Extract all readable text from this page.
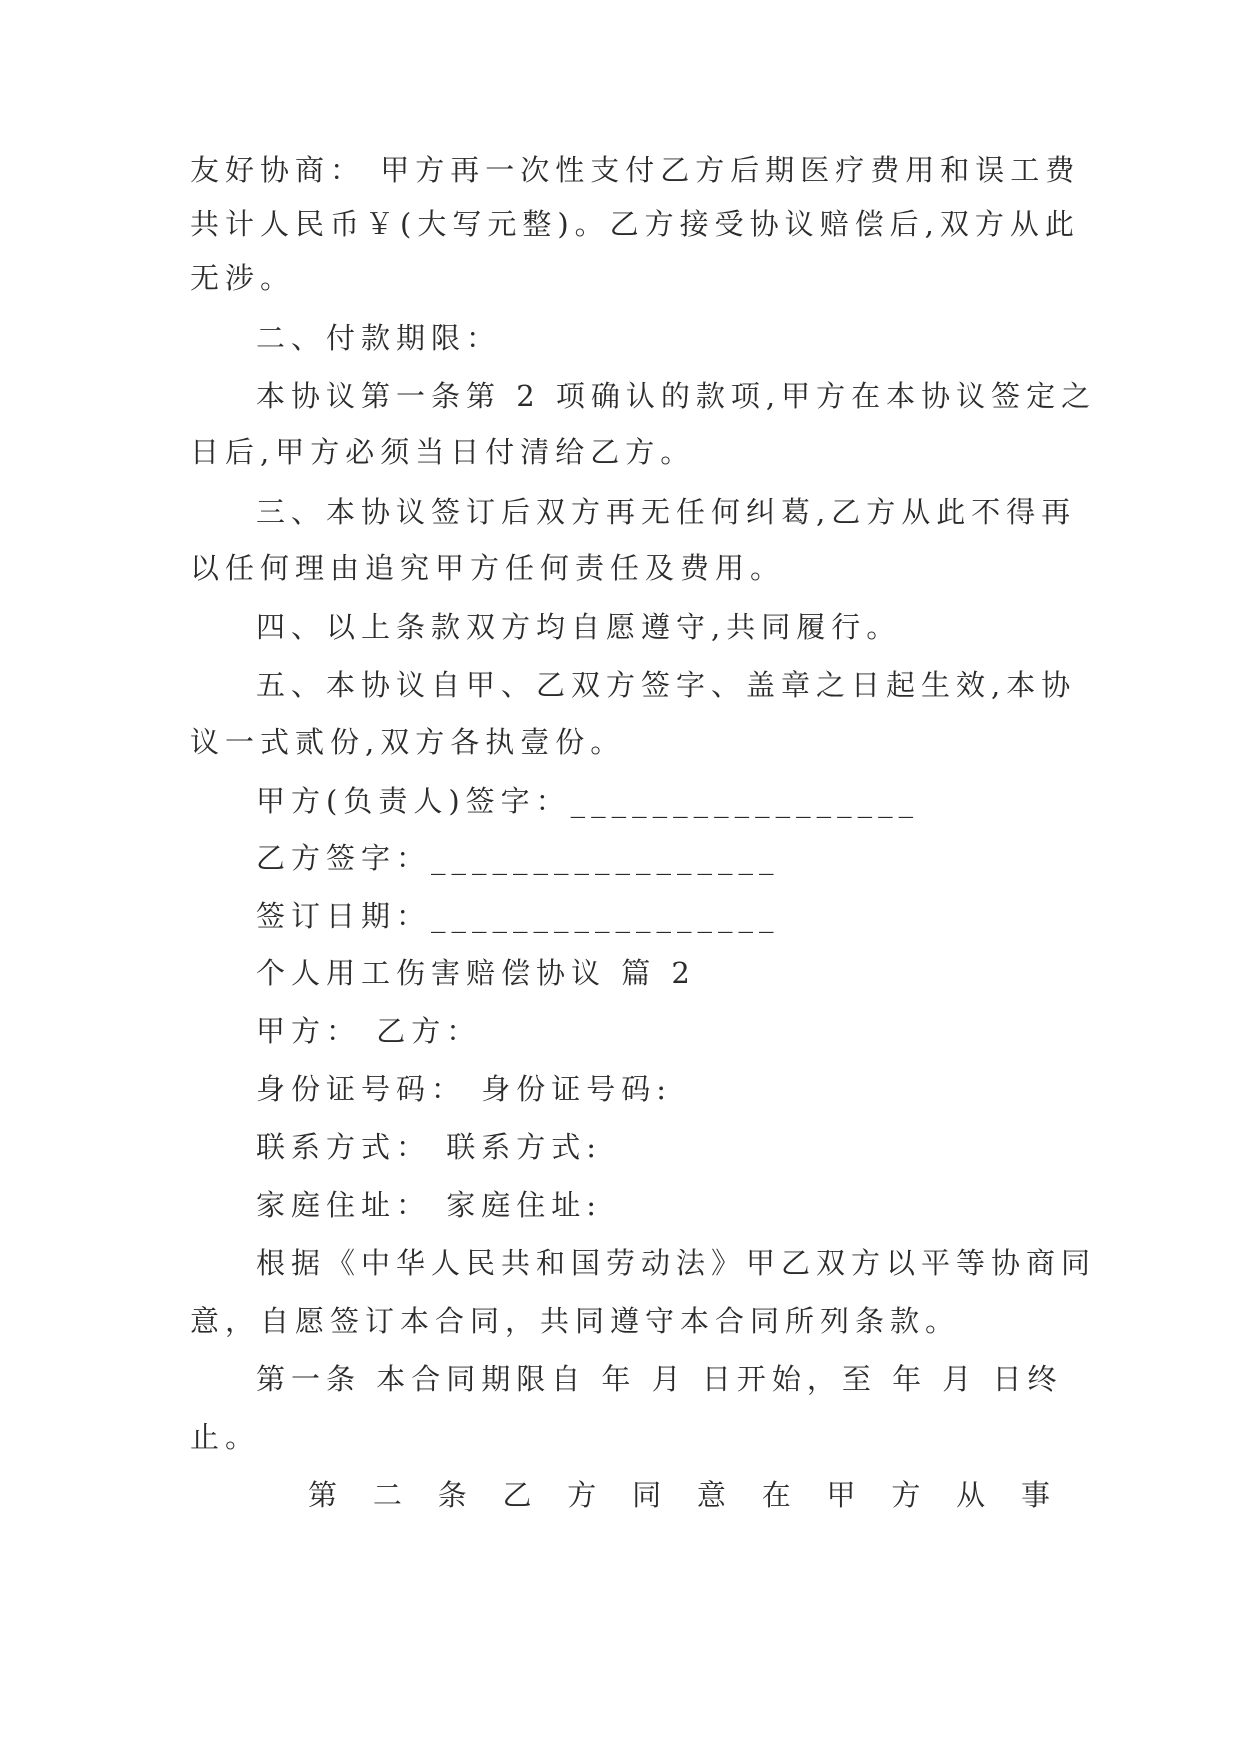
友好协商： 甲方再一次性支付乙方后期医疗费用和误工费
共计人民币￥(大写元整)。乙方接受协议赔偿后,双方从此
无涉。
二、付款期限：
本协议第一条第 2 项确认的款项,甲方在本协议签定之
日后,甲方必须当日付清给乙方。
三、本协议签订后双方再无任何纠葛,乙方从此不得再
以任何理由追究甲方任何责任及费用。
四、以上条款双方均自愿遵守,共同履行。
五、本协议自甲、乙双方签字、盖章之日起生效,本协
议一式贰份,双方各执壹份。
甲方(负责人)签字：_________________
乙方签字：_________________
签订日期：_________________
个人用工伤害赔偿协议 篇 2
甲方： 乙方：
身份证号码： 身份证号码:
联系方式： 联系方式:
家庭住址： 家庭住址:
根据《中华人民共和国劳动法》甲乙双方以平等协商同
意，自愿签订本合同，共同遵守本合同所列条款。
第一条 本合同期限自 年 月 日开始，至 年 月 日终
止。
第 二 条 乙 方 同 意 在 甲 方 从 事
